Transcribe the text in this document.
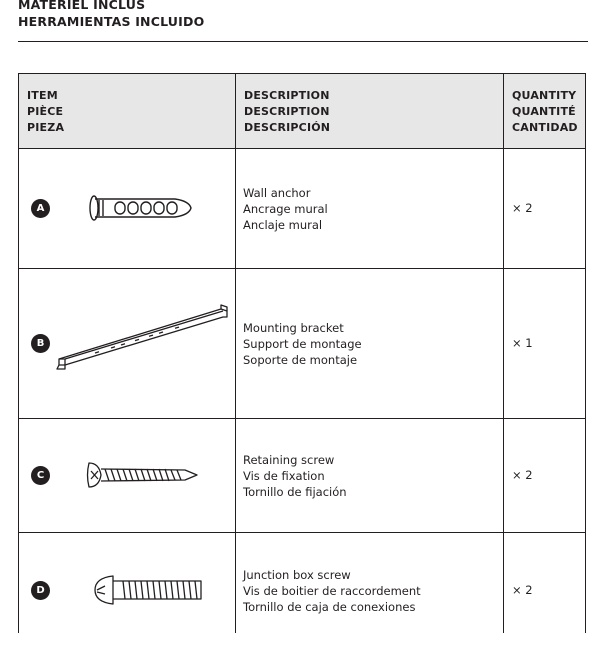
MATERIEL INCLUS
HERRAMIENTAS INCLUIDO
ITEM
PIÈCE
PIEZA
DESCRIPTION
DESCRIPTION
DESCRIPCIÓN
QUANTITY
QUANTITÉ
CANTIDAD
A
Wall anchor
Ancrage mural
Anclaje mural
× 2
B
Mounting bracket
Support de montage
Soporte de montaje
× 1
C
Retaining screw
Vis de fixation
Tornillo de fijación
× 2
D
Junction box screw
Vis de boitier de raccordement
Tornillo de caja de conexiones
× 2
